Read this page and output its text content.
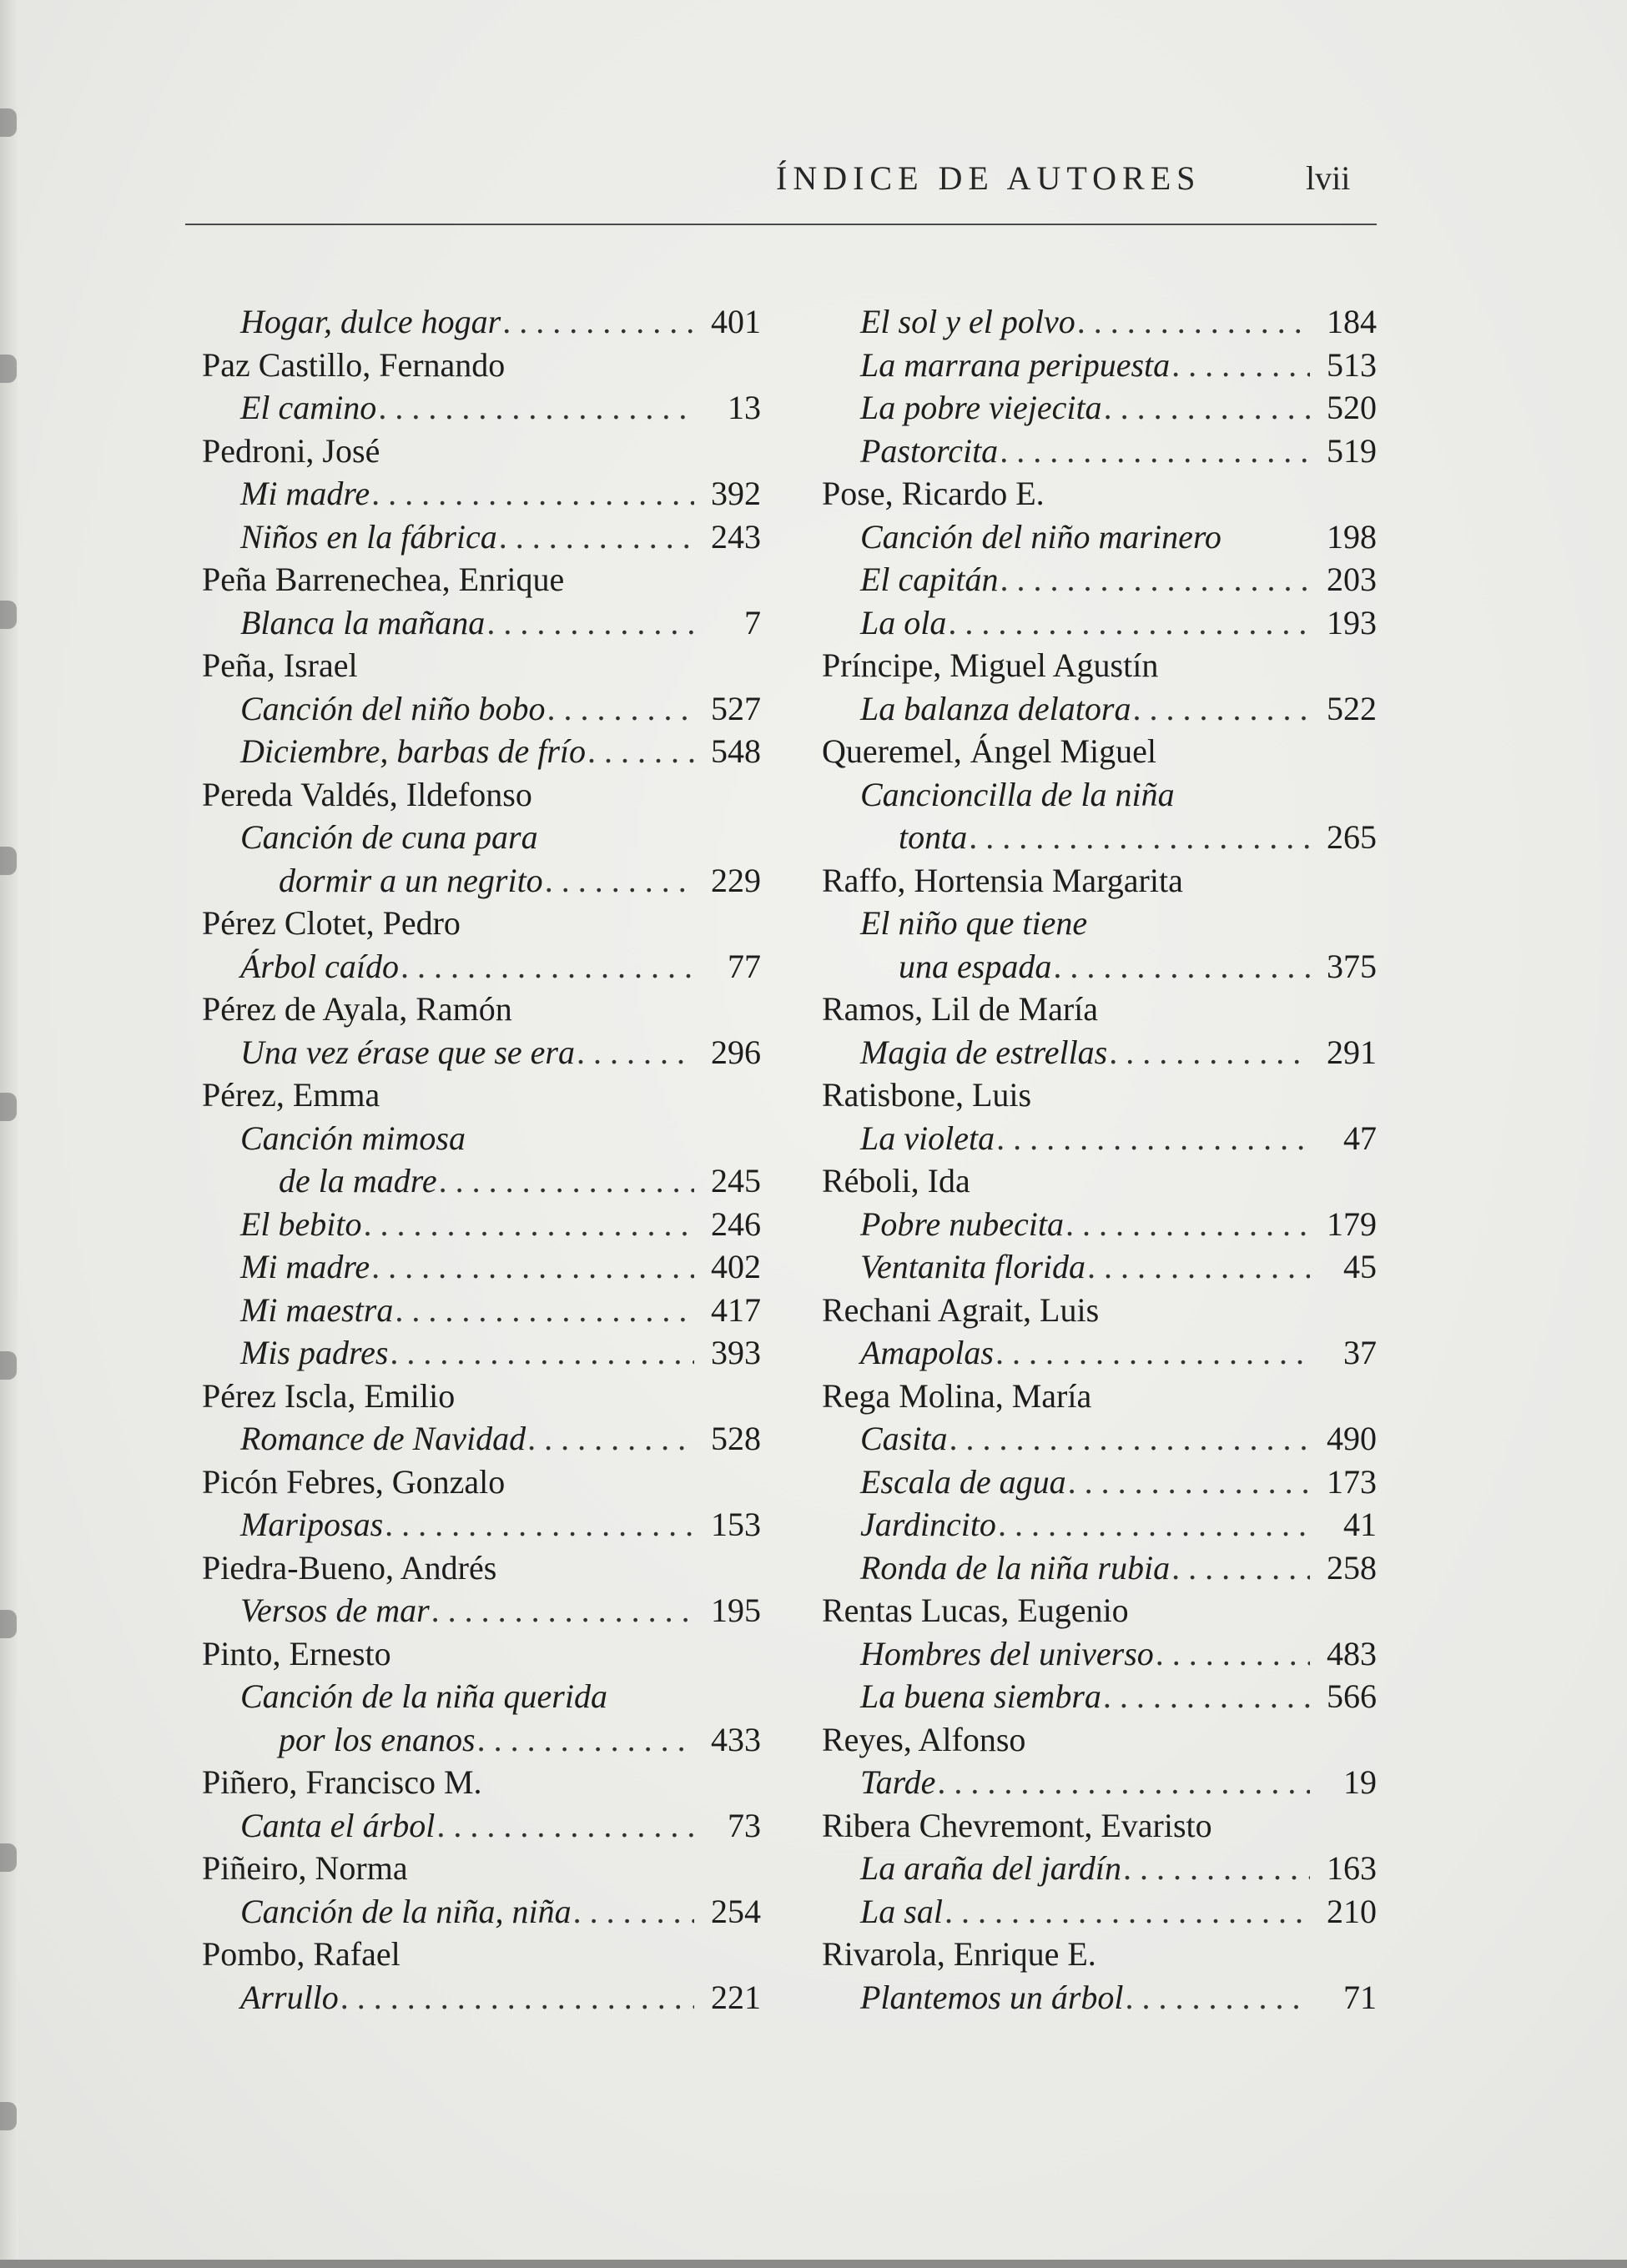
ÍNDICE DE AUTORES	lvii
Hogar, dulce hogar . . .	401
Paz Castillo, Fernando
El camino . . .	13
Pedroni, José
Mi madre . . .	392
Niños en la fábrica . . .	243
Peña Barrenechea, Enrique
Blanca la mañana . . .	7
Peña, Israel
Canción del niño bobo . . .	527
Diciembre, barbas de frío . . .	548
Pereda Valdés, Ildefonso
Canción de cuna para
dormir a un negrito . . .	229
Pérez Clotet, Pedro
Árbol caído . . .	77
Pérez de Ayala, Ramón
Una vez érase que se era . . .	296
Pérez, Emma
Canción mimosa
de la madre . . .	245
El bebito . . .	246
Mi madre . . .	402
Mi maestra . . .	417
Mis padres . . .	393
Pérez Iscla, Emilio
Romance de Navidad . . .	528
Picón Febres, Gonzalo
Mariposas . . .	153
Piedra-Bueno, Andrés
Versos de mar . . .	195
Pinto, Ernesto
Canción de la niña querida
por los enanos . . .	433
Piñero, Francisco M.
Canta el árbol . . .	73
Piñeiro, Norma
Canción de la niña, niña . . .	254
Pombo, Rafael
Arrullo . . .	221
El sol y el polvo . . .	184
La marrana peripuesta . . .	513
La pobre viejecita . . .	520
Pastorcita . . .	519
Pose, Ricardo E.
Canción del niño marinero	198
El capitán . . .	203
La ola . . .	193
Príncipe, Miguel Agustín
La balanza delatora . . .	522
Queremel, Ángel Miguel
Cancioncilla de la niña
tonta . . .	265
Raffo, Hortensia Margarita
El niño que tiene
una espada . . .	375
Ramos, Lil de María
Magia de estrellas . . .	291
Ratisbone, Luis
La violeta . . .	47
Réboli, Ida
Pobre nubecita . . .	179
Ventanita florida . . .	45
Rechani Agrait, Luis
Amapolas . . .	37
Rega Molina, María
Casita . . .	490
Escala de agua . . .	173
Jardincito . . .	41
Ronda de la niña rubia . . .	258
Rentas Lucas, Eugenio
Hombres del universo . . .	483
La buena siembra . . .	566
Reyes, Alfonso
Tarde . . .	19
Ribera Chevremont, Evaristo
La araña del jardín . . .	163
La sal . . .	210
Rivarola, Enrique E.
Plantemos un árbol . . .	71
